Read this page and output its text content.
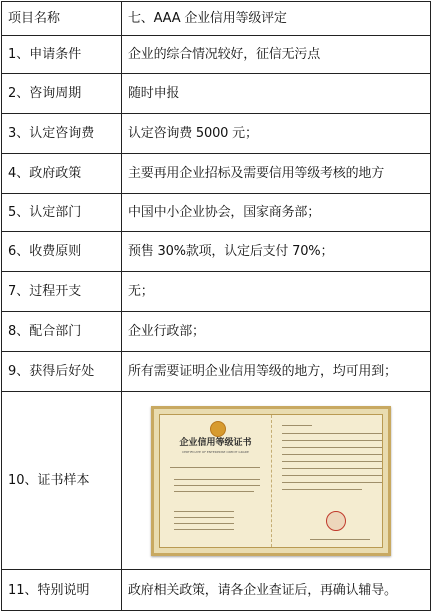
项目名称	七、AAA 企业信用等级评定
1、申请条件	企业的综合情况较好，征信无污点
2、咨询周期	随时申报
3、认定咨询费	认定咨询费 5000 元；
4、政府政策	主要再用企业招标及需要信用等级考核的地方
5、认定部门	中国中小企业协会，国家商务部；
6、收费原则	预售 30%款项，认定后支付 70%；
7、过程开支	无；
8、配合部门	企业行政部；
9、获得后好处	所有需要证明企业信用等级的地方，均可用到；
10、证书样本	企业信用等级证书
CERTIFICATE OF ENTERPRISE CREDIT GRADE

11、特别说明	政府相关政策，请各企业查证后，再确认辅导。
